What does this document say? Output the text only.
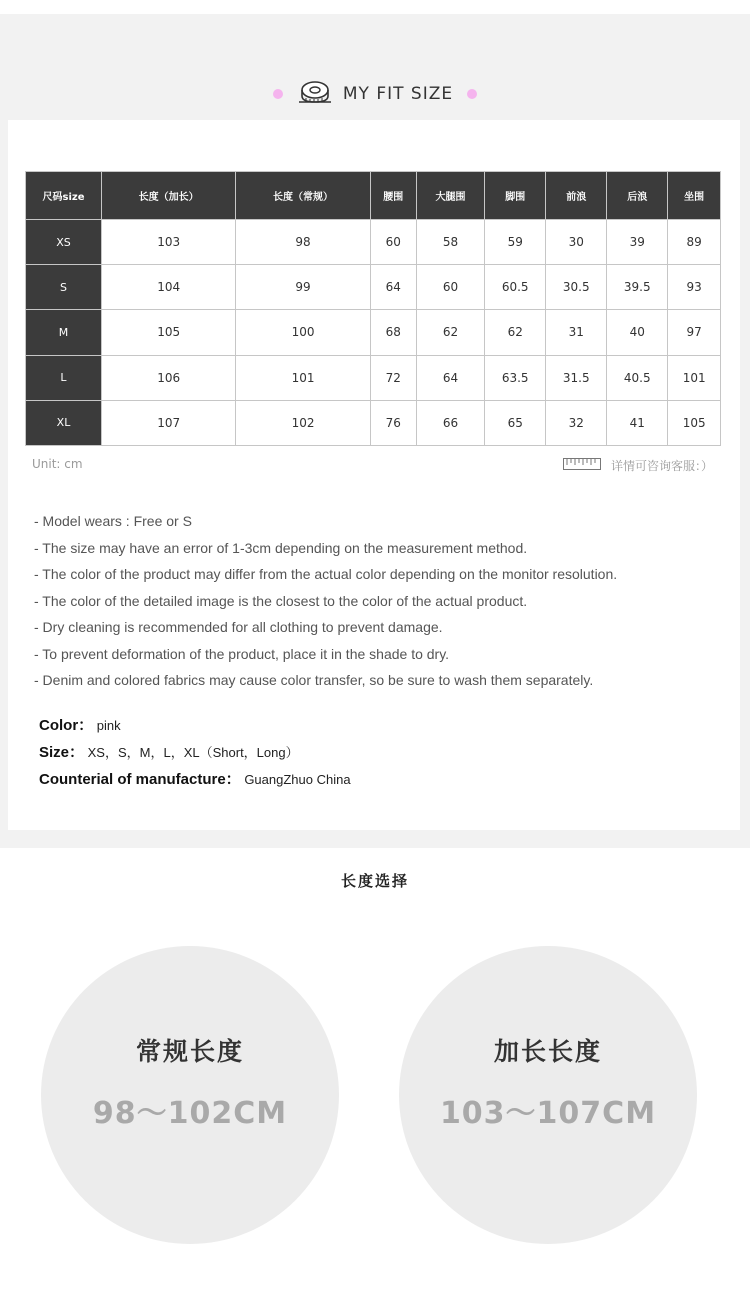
MY FIT SIZE
尺码size	长度（加长）	长度（常规）	腰围	大腿围	脚围	前浪	后浪	坐围
XS	103	98	60	58	59	30	39	89
S	104	99	64	60	60.5	30.5	39.5	93
M	105	100	68	62	62	31	40	97
L	106	101	72	64	63.5	31.5	40.5	101
XL	107	102	76	66	65	32	41	105
Unit: cm	详情可咨询客服：）
- Model wears : Free or S
- The size may have an error of 1-3cm depending on the measurement method.
- The color of the product may differ from the actual color depending on the monitor resolution.
- The color of the detailed image is the closest to the color of the actual product.
- Dry cleaning is recommended for all clothing to prevent damage.
- To prevent deformation of the product, place it in the shade to dry.
- Denim and colored fabrics may cause color transfer, so be sure to wash them separately.
Color： pink
Size： XS，S，M，L，XL（Short，Long）
Counterial of manufacture： GuangZhuo China
长度选择
常规长度
98～102CM
加长长度
103～107CM
